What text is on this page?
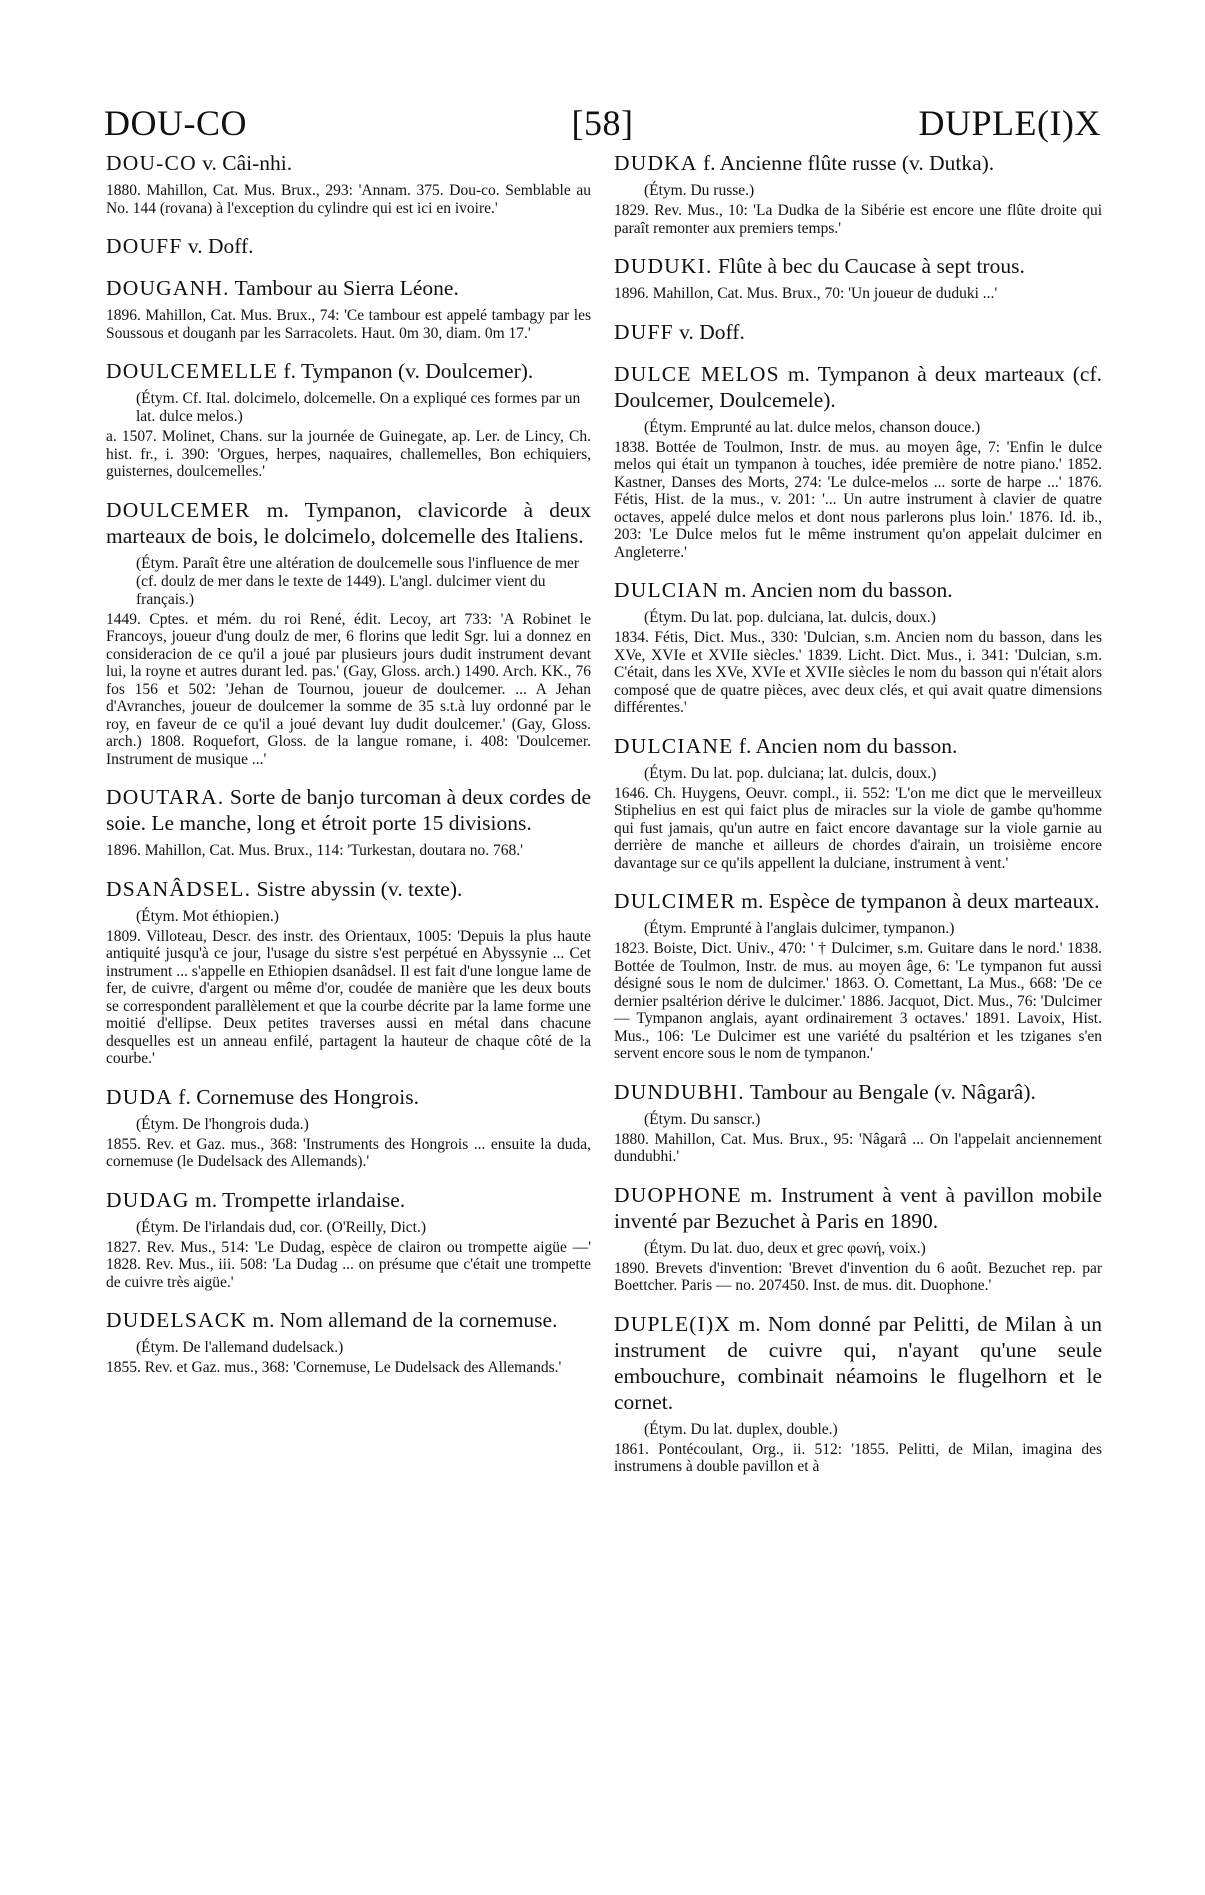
DOU-CO	[58]	DUPLE(I)X
DOU-CO v. Câi-nhi.
1880. Mahillon, Cat. Mus. Brux., 293: 'Annam. 375. Dou-co. Semblable au No. 144 (rovana) à l'exception du cylindre qui est ici en ivoire.'
DOUFF v. Doff.
DOUGANH. Tambour au Sierra Léone.
1896. Mahillon, Cat. Mus. Brux., 74: 'Ce tambour est appelé tambagy par les Soussous et douganh par les Sarracolets. Haut. 0m 30, diam. 0m 17.'
DOULCEMELLE f. Tympanon (v. Doulcemer).
(Étym. Cf. Ital. dolcimelo, dolcemelle. On a expliqué ces formes par un lat. dulce melos.)
a. 1507. Molinet, Chans. sur la journée de Guinegate, ap. Ler. de Lincy, Ch. hist. fr., i. 390: 'Orgues, herpes, naquaires, challemelles, Bon echiquiers, guisternes, doulcemelles.'
DOULCEMER m. Tympanon, clavicorde à deux marteaux de bois, le dolcimelo, dolcemelle des Italiens.
(Étym. Paraît être une altération de doulcemelle sous l'influence de mer (cf. doulz de mer dans le texte de 1449). L'angl. dulcimer vient du français.)
1449. Cptes. et mém. du roi René, édit. Lecoy, art 733: 'A Robinet le Francoys, joueur d'ung doulz de mer, 6 florins que ledit Sgr. lui a donnez en consideracion de ce qu'il a joué par plusieurs jours dudit instrument devant lui, la royne et autres durant led. pas.' (Gay, Gloss. arch.) 1490. Arch. KK., 76 fos 156 et 502: 'Jehan de Tournou, joueur de doulcemer. ... A Jehan d'Avranches, joueur de doulcemer la somme de 35 s.t.à luy ordonné par le roy, en faveur de ce qu'il a joué devant luy dudit doulcemer.' (Gay, Gloss. arch.) 1808. Roquefort, Gloss. de la langue romane, i. 408: 'Doulcemer. Instrument de musique ...'
DOUTARA. Sorte de banjo turcoman à deux cordes de soie. Le manche, long et étroit porte 15 divisions.
1896. Mahillon, Cat. Mus. Brux., 114: 'Turkestan, doutara no. 768.'
DSANÂDSEL. Sistre abyssin (v. texte).
(Étym. Mot éthiopien.)
1809. Villoteau, Descr. des instr. des Orientaux, 1005: 'Depuis la plus haute antiquité jusqu'à ce jour, l'usage du sistre s'est perpétué en Abyssynie ... Cet instrument ... s'appelle en Ethiopien dsanâdsel. Il est fait d'une longue lame de fer, de cuivre, d'argent ou même d'or, coudée de manière que les deux bouts se correspondent parallèlement et que la courbe décrite par la lame forme une moitié d'ellipse. Deux petites traverses aussi en métal dans chacune desquelles est un anneau enfilé, partagent la hauteur de chaque côté de la courbe.'
DUDA f. Cornemuse des Hongrois.
(Étym. De l'hongrois duda.)
1855. Rev. et Gaz. mus., 368: 'Instruments des Hongrois ... ensuite la duda, cornemuse (le Dudelsack des Allemands).'
DUDAG m. Trompette irlandaise.
(Étym. De l'irlandais dud, cor. (O'Reilly, Dict.)
1827. Rev. Mus., 514: 'Le Dudag, espèce de clairon ou trompette aigüe —' 1828. Rev. Mus., iii. 508: 'La Dudag ... on présume que c'était une trompette de cuivre très aigüe.'
DUDELSACK m. Nom allemand de la cornemuse.
(Étym. De l'allemand dudelsack.)
1855. Rev. et Gaz. mus., 368: 'Cornemuse, Le Dudelsack des Allemands.'
DUDKA f. Ancienne flûte russe (v. Dutka).
(Étym. Du russe.)
1829. Rev. Mus., 10: 'La Dudka de la Sibérie est encore une flûte droite qui paraît remonter aux premiers temps.'
DUDUKI. Flûte à bec du Caucase à sept trous.
1896. Mahillon, Cat. Mus. Brux., 70: 'Un joueur de duduki ...'
DUFF v. Doff.
DULCE MELOS m. Tympanon à deux marteaux (cf. Doulcemer, Doulcemele).
(Étym. Emprunté au lat. dulce melos, chanson douce.)
1838. Bottée de Toulmon, Instr. de mus. au moyen âge, 7: 'Enfin le dulce melos qui était un tympanon à touches, idée première de notre piano.' 1852. Kastner, Danses des Morts, 274: 'Le dulce-melos ... sorte de harpe ...' 1876. Fétis, Hist. de la mus., v. 201: '... Un autre instrument à clavier de quatre octaves, appelé dulce melos et dont nous parlerons plus loin.' 1876. Id. ib., 203: 'Le Dulce melos fut le même instrument qu'on appelait dulcimer en Angleterre.'
DULCIAN m. Ancien nom du basson.
(Étym. Du lat. pop. dulciana, lat. dulcis, doux.)
1834. Fétis, Dict. Mus., 330: 'Dulcian, s.m. Ancien nom du basson, dans les XVe, XVIe et XVIIe siècles.' 1839. Licht. Dict. Mus., i. 341: 'Dulcian, s.m. C'était, dans les XVe, XVIe et XVIIe siècles le nom du basson qui n'était alors composé que de quatre pièces, avec deux clés, et qui avait quatre dimensions différentes.'
DULCIANE f. Ancien nom du basson.
(Étym. Du lat. pop. dulciana; lat. dulcis, doux.)
1646. Ch. Huygens, Oeuvr. compl., ii. 552: 'L'on me dict que le merveilleux Stiphelius en est qui faict plus de miracles sur la viole de gambe qu'homme qui fust jamais, qu'un autre en faict encore davantage sur la viole garnie au derrière de manche et ailleurs de chordes d'airain, un troisième encore davantage sur ce qu'ils appellent la dulciane, instrument à vent.'
DULCIMER m. Espèce de tympanon à deux marteaux.
(Étym. Emprunté à l'anglais dulcimer, tympanon.)
1823. Boiste, Dict. Univ., 470: ' † Dulcimer, s.m. Guitare dans le nord.' 1838. Bottée de Toulmon, Instr. de mus. au moyen âge, 6: 'Le tympanon fut aussi désigné sous le nom de dulcimer.' 1863. O. Comettant, La Mus., 668: 'De ce dernier psaltérion dérive le dulcimer.' 1886. Jacquot, Dict. Mus., 76: 'Dulcimer — Tympanon anglais, ayant ordinairement 3 octaves.' 1891. Lavoix, Hist. Mus., 106: 'Le Dulcimer est une variété du psaltérion et les tziganes s'en servent encore sous le nom de tympanon.'
DUNDUBHI. Tambour au Bengale (v. Nâgarâ).
(Étym. Du sanscr.)
1880. Mahillon, Cat. Mus. Brux., 95: 'Nâgarâ ... On l'appelait anciennement dundubhi.'
DUOPHONE m. Instrument à vent à pavillon mobile inventé par Bezuchet à Paris en 1890.
(Étym. Du lat. duo, deux et grec φωνή, voix.)
1890. Brevets d'invention: 'Brevet d'invention du 6 août. Bezuchet rep. par Boettcher. Paris — no. 207450. Inst. de mus. dit. Duophone.'
DUPLE(I)X m. Nom donné par Pelitti, de Milan à un instrument de cuivre qui, n'ayant qu'une seule embouchure, combinait néamoins le flugelhorn et le cornet.
(Étym. Du lat. duplex, double.)
1861. Pontécoulant, Org., ii. 512: '1855. Pelitti, de Milan, imagina des instrumens à double pavillon et à
